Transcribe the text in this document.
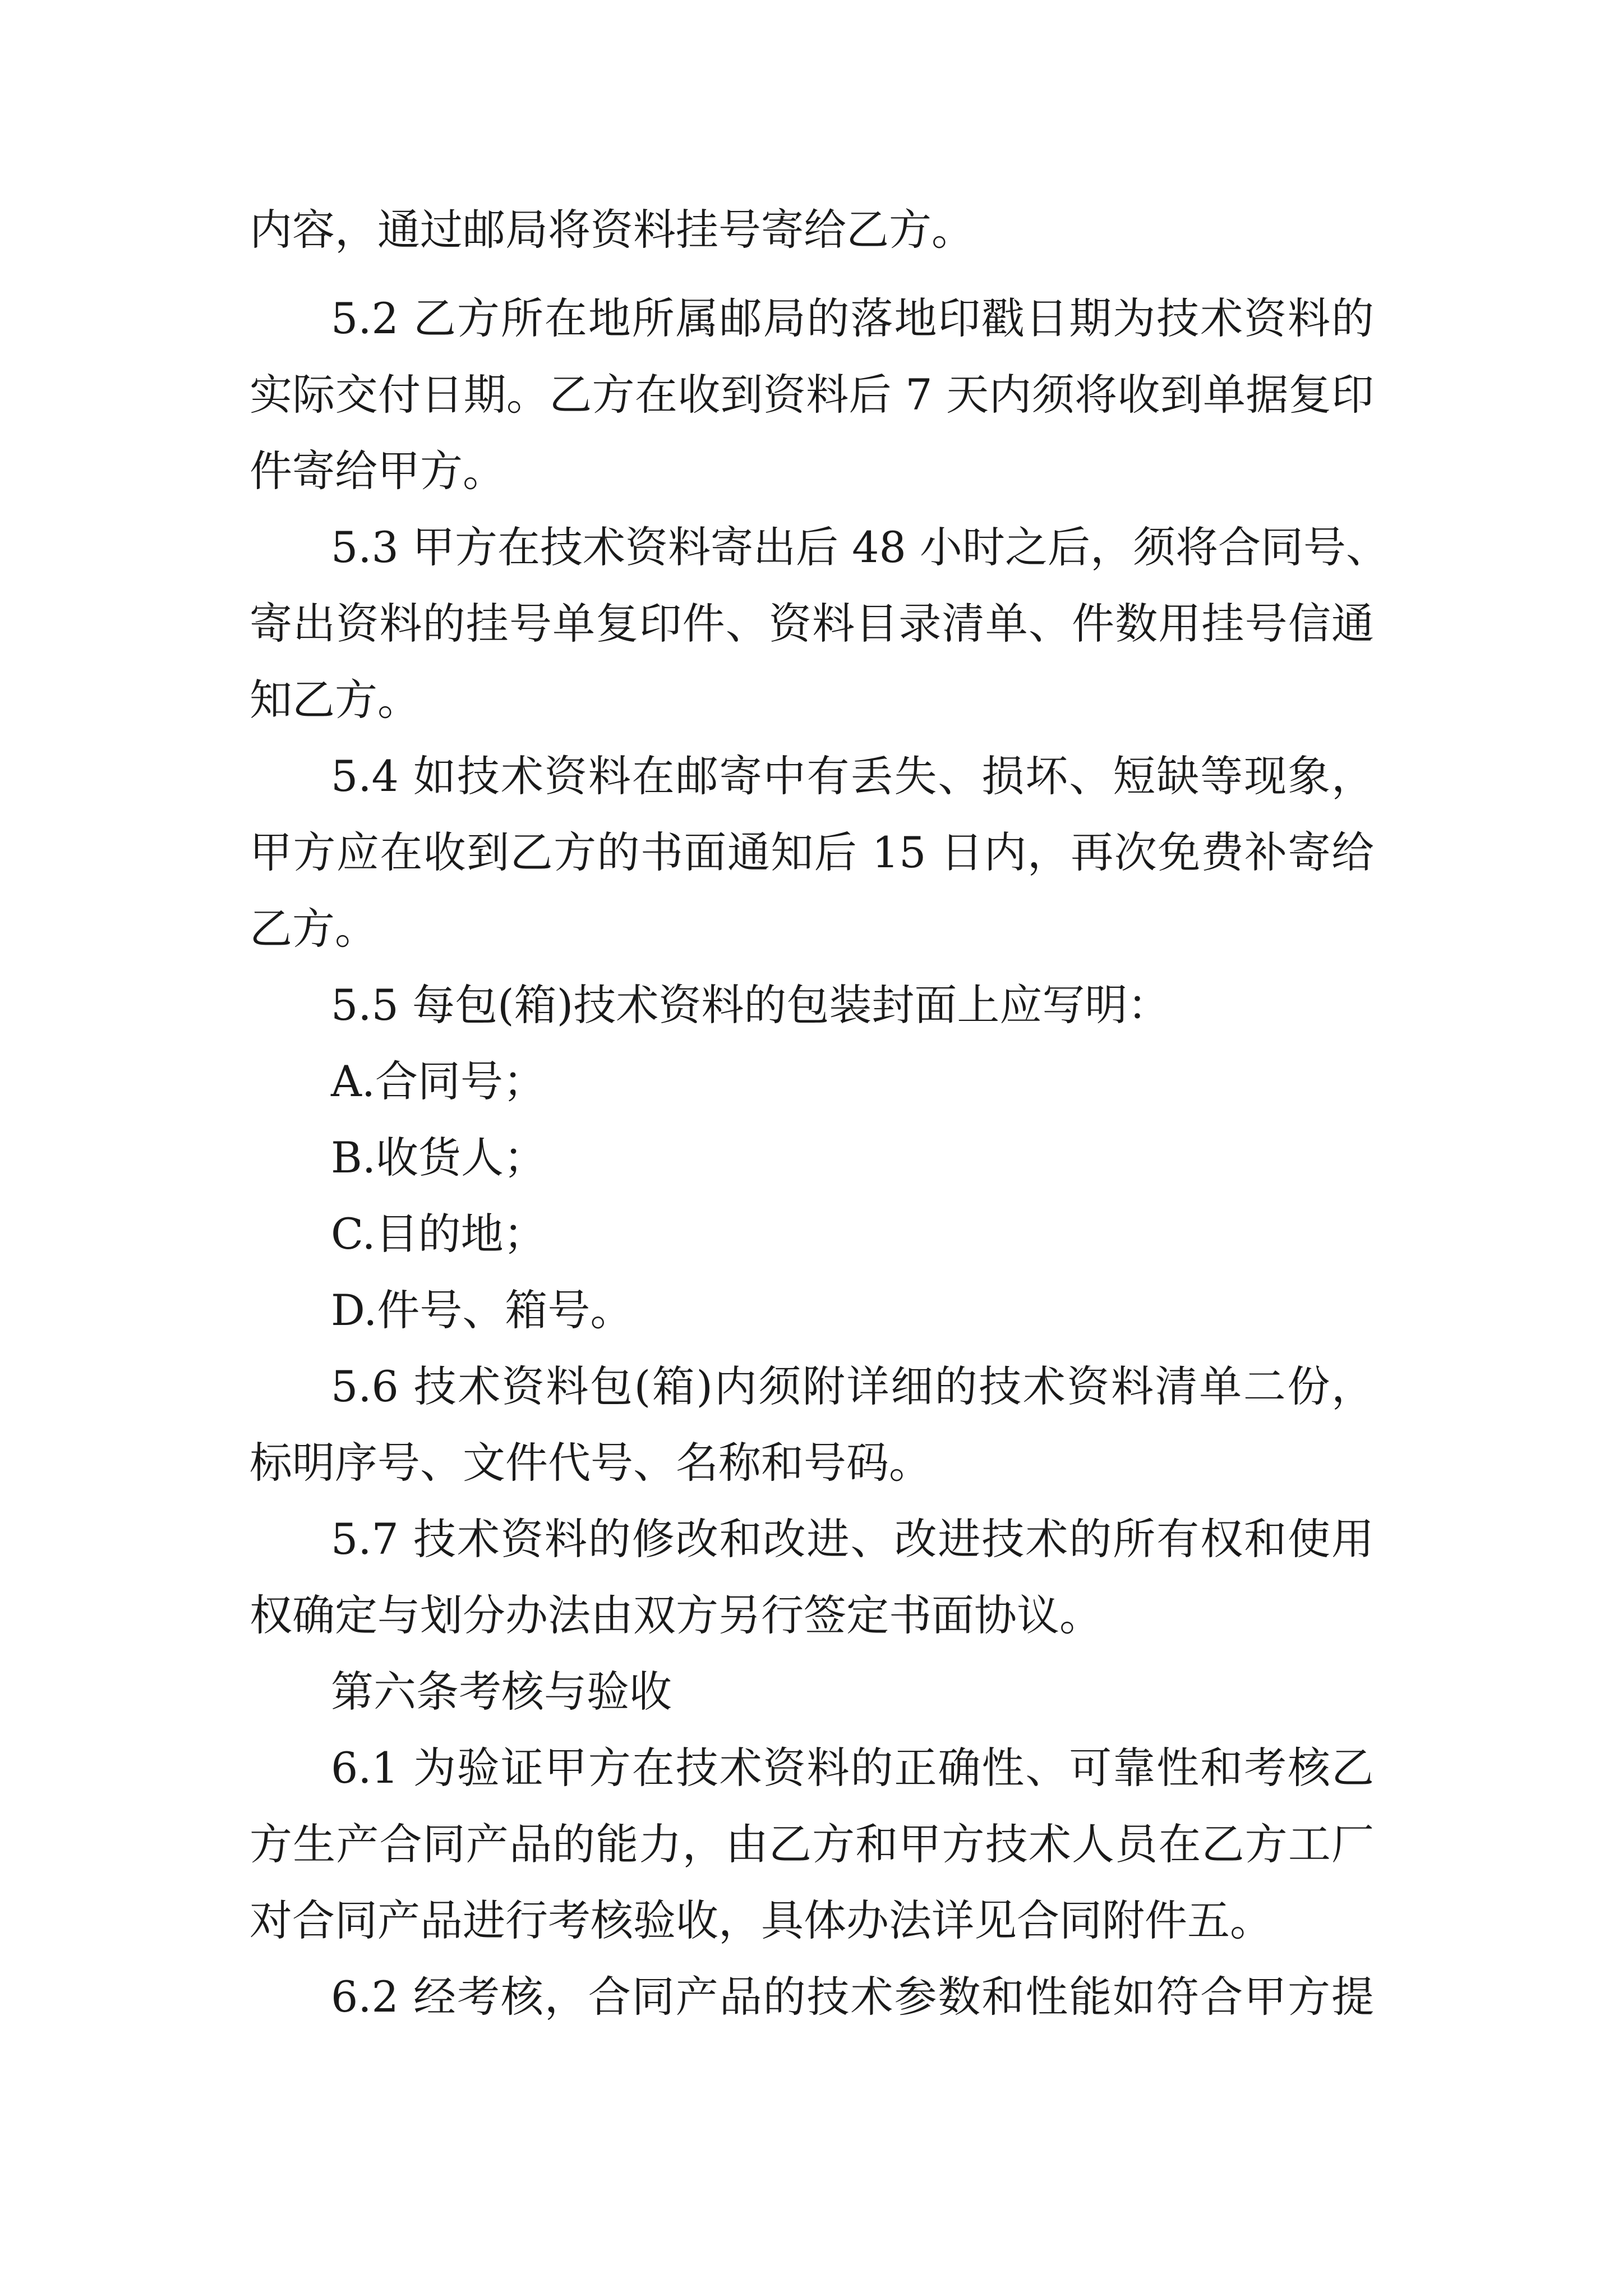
内容，通过邮局将资料挂号寄给乙方。
5.2 乙方所在地所属邮局的落地印戳日期为技术资料的
实际交付日期。乙方在收到资料后 7 天内须将收到单据复印
件寄给甲方。
5.3 甲方在技术资料寄出后 48 小时之后，须将合同号、
寄出资料的挂号单复印件、资料目录清单、件数用挂号信通
知乙方。
5.4 如技术资料在邮寄中有丢失、损坏、短缺等现象，
甲方应在收到乙方的书面通知后 15 日内，再次免费补寄给
乙方。
5.5 每包(箱)技术资料的包装封面上应写明：
A.合同号；
B.收货人；
C.目的地；
D.件号、箱号。
5.6 技术资料包(箱)内须附详细的技术资料清单二份，
标明序号、文件代号、名称和号码。
5.7 技术资料的修改和改进、改进技术的所有权和使用
权确定与划分办法由双方另行签定书面协议。
第六条考核与验收
6.1 为验证甲方在技术资料的正确性、可靠性和考核乙
方生产合同产品的能力，由乙方和甲方技术人员在乙方工厂
对合同产品进行考核验收，具体办法详见合同附件五。
6.2 经考核，合同产品的技术参数和性能如符合甲方提
